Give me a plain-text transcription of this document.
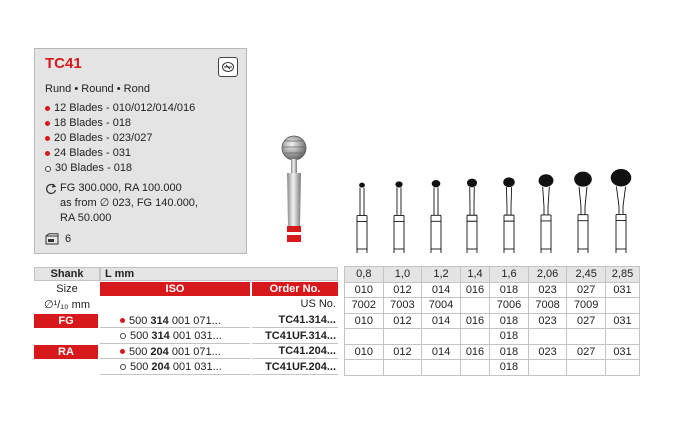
TC41
Rund • Round • Rond
12 Blades - 010/012/014/016
18 Blades - 018
20 Blades - 023/027
24 Blades - 031
30 Blades - 018
FG 300.000, RA 100.000
as from ∅ 023, FG 140.000,
RA 50.000
6
Shank	L mm
Size
∅¹/₁₀ mm
ISO	Order No.
US No.
FG	500 314 001 071...	TC41.314...
500 314 001 031...	TC41UF.314...
RA	500 204 001 071...	TC41.204...
500 204 001 031...	TC41UF.204...
0,8	1,0	1,2	1,4	1,6	2,06	2,45	2,85
010	012	014	016	018	023	027	031
7002	7003	7004		7006	7008	7009	
010	012	014	016	018	023	027	031
				018			
010	012	014	016	018	023	027	031
				018			
